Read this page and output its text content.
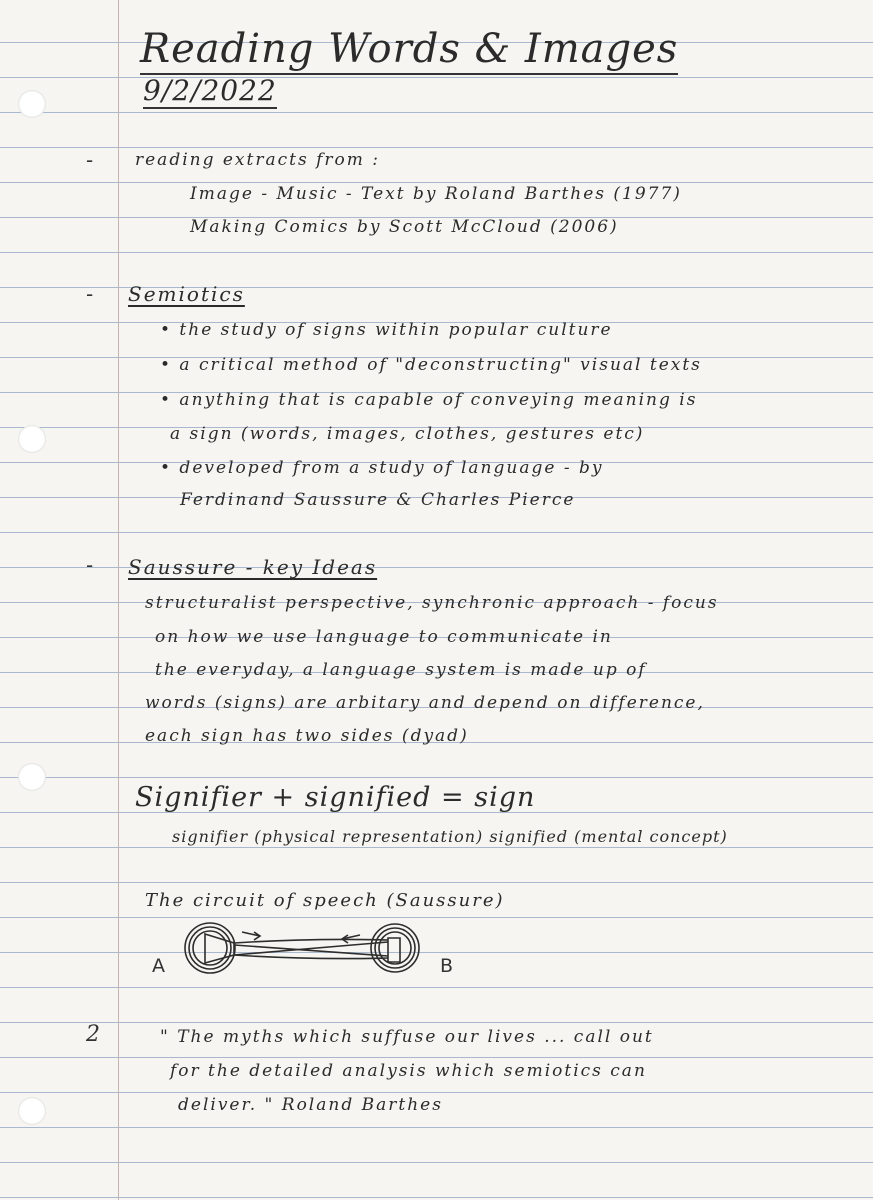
Reading Words & Images
9/2/2022
- reading extracts from :
Image - Music - Text by Roland Barthes (1977)
Making Comics by Scott McCloud (2006)
- Semiotics
• the study of signs within popular culture
• a critical method of "deconstructing" visual texts
• anything that is capable of conveying meaning is
a sign (words, images, clothes, gestures etc)
• developed from a study of language - by
Ferdinand Saussure & Charles Pierce
- Saussure - key Ideas
structuralist perspective, synchronic approach - focus
on how we use language to communicate in
the everyday, a language system is made up of
words (signs) are arbitary and depend on difference,
each sign has two sides (dyad)
Signifier + signified = sign
signifier (physical representation) signified (mental concept)
The circuit of speech (Saussure)
A	B
2	" The myths which suffuse our lives ... call out
for the detailed analysis which semiotics can
deliver. " Roland Barthes
